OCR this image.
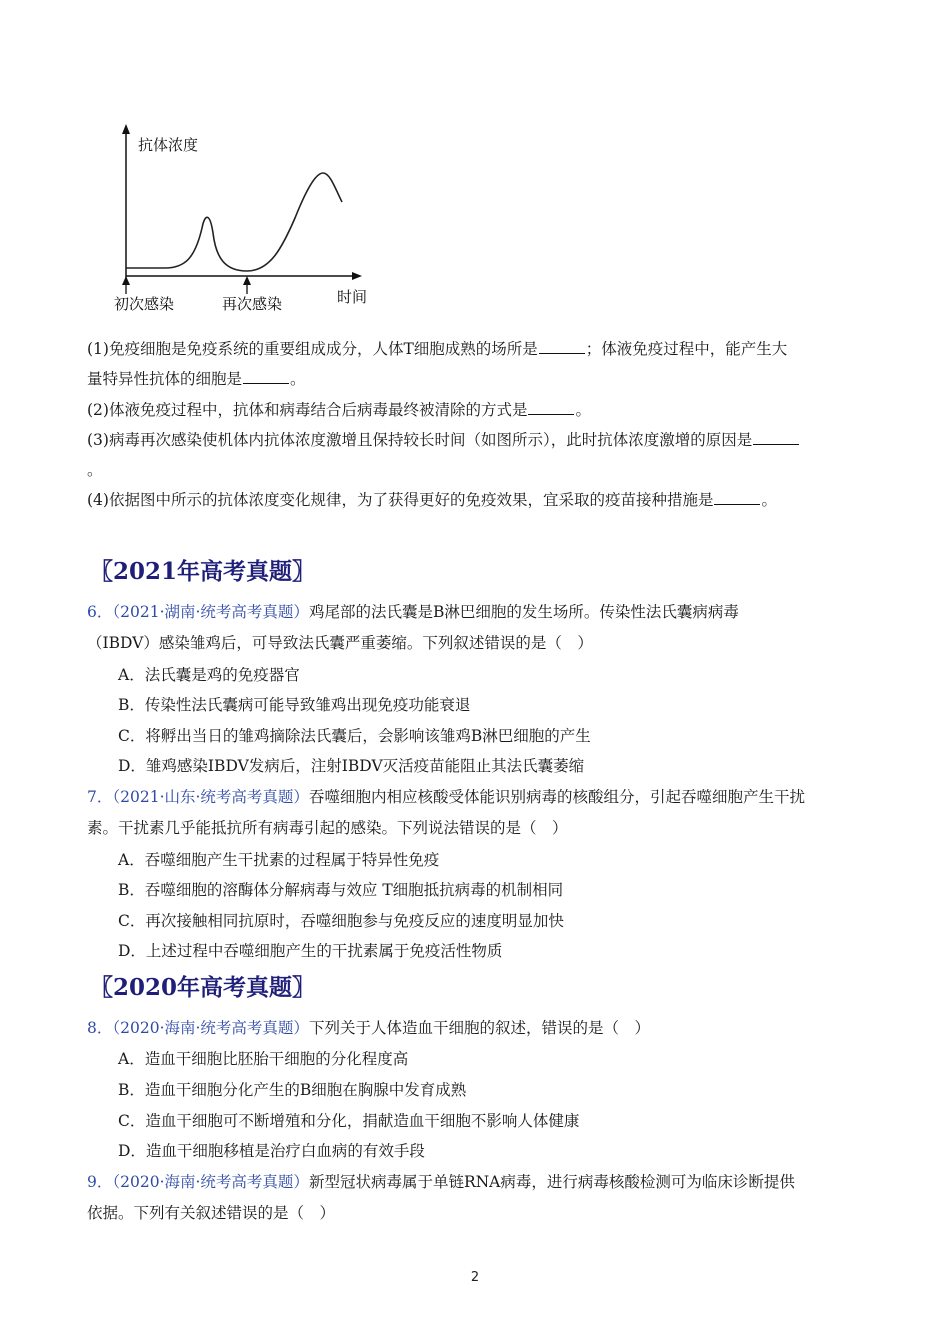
抗体浓度
时间
初次感染	再次感染
(1)免疫细胞是免疫系统的重要组成成分，人体T细胞成熟的场所是	；体液免疫过程中，能产生大
量特异性抗体的细胞是	。
(2)体液免疫过程中，抗体和病毒结合后病毒最终被清除的方式是	。
(3)病毒再次感染使机体内抗体浓度激增且保持较长时间（如图所示），此时抗体浓度激增的原因是
。
(4)依据图中所示的抗体浓度变化规律，为了获得更好的免疫效果，宜采取的疫苗接种措施是	。
〖2021年高考真题〗
6．（2021·湖南·统考高考真题）鸡尾部的法氏囊是B淋巴细胞的发生场所。传染性法氏囊病病毒
（IBDV）感染雏鸡后，可导致法氏囊严重萎缩。下列叙述错误的是（　）
A．法氏囊是鸡的免疫器官
B．传染性法氏囊病可能导致雏鸡出现免疫功能衰退
C．将孵出当日的雏鸡摘除法氏囊后，会影响该雏鸡B淋巴细胞的产生
D．雏鸡感染IBDV发病后，注射IBDV灭活疫苗能阻止其法氏囊萎缩
7．（2021·山东·统考高考真题）吞噬细胞内相应核酸受体能识别病毒的核酸组分，引起吞噬细胞产生干扰
素。干扰素几乎能抵抗所有病毒引起的感染。下列说法错误的是（　）
A．吞噬细胞产生干扰素的过程属于特异性免疫
B．吞噬细胞的溶酶体分解病毒与效应 T细胞抵抗病毒的机制相同
C．再次接触相同抗原时，吞噬细胞参与免疫反应的速度明显加快
D．上述过程中吞噬细胞产生的干扰素属于免疫活性物质
〖2020年高考真题〗
8．（2020·海南·统考高考真题）下列关于人体造血干细胞的叙述，错误的是（　）
A．造血干细胞比胚胎干细胞的分化程度高
B．造血干细胞分化产生的B细胞在胸腺中发育成熟
C．造血干细胞可不断增殖和分化，捐献造血干细胞不影响人体健康
D．造血干细胞移植是治疗白血病的有效手段
9．（2020·海南·统考高考真题）新型冠状病毒属于单链RNA病毒，进行病毒核酸检测可为临床诊断提供
依据。下列有关叙述错误的是（　）
2
